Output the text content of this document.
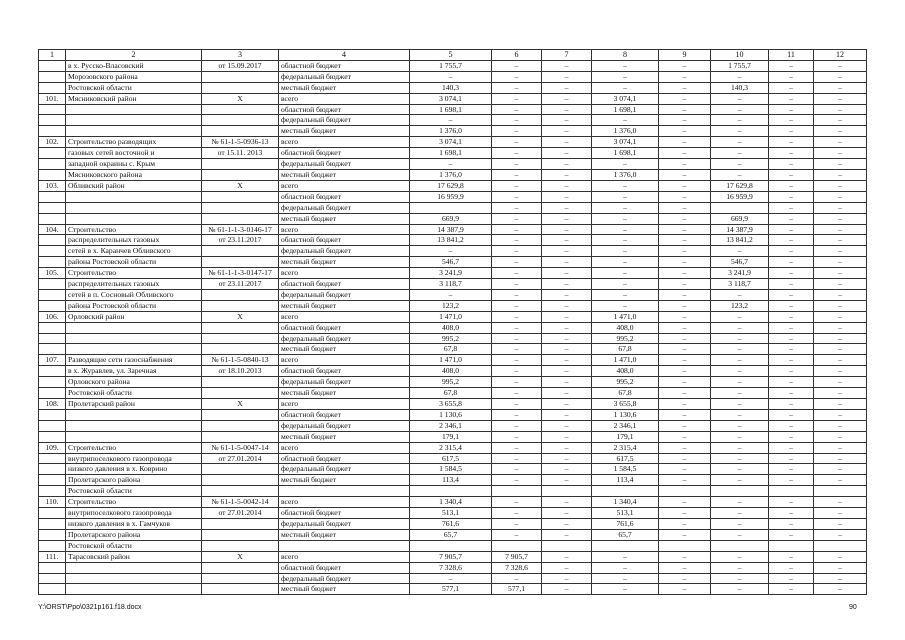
1	2	3	4	5	6	7	8	9	10	11	12
	в х. Русско-Власовский	от 15.09.2017	областной бюджет	1 755,7	–	–	–	–	1 755,7	–	–
	Морозовского района		федеральный бюджет	–	–	–	–	–	–	–	–
	Ростовской области		местный бюджет	140,3	–	–	–	–	140,3	–	–
101.	Мясниковский район	Х	всего	3 074,1	–	–	3 074,1	–	–	–	–
			областной бюджет	1 698,1	–	–	1 698,1	–	–	–	–
			федеральный бюджет	–	–	–	–	–	–	–	–
			местный бюджет	1 376,0	–	–	1 376,0	–	–	–	–
102.	Строительство разводящих	№ 61-1-5-0936-13	всего	3 074,1	–	–	3 074,1	–	–	–	–
	газовых сетей восточной и	от 15.11. 2013	областной бюджет	1 698,1	–	–	1 698,1	–	–	–	–
	западной окраины с. Крым		федеральный бюджет	–	–	–	–	–	–	–	–
	Мясниковского района		местный бюджет	1 376,0	–	–	1 376,0	–	–	–	–
103.	Обливский район	Х	всего	17 629,8	–	–	–	–	17 629,8	–	–
			областной бюджет	16 959,9	–	–	–	–	16 959,9	–	–
			федеральный бюджет		–	–	–	–		–	–
			местный бюджет	669,9	–	–	–	–	669,9	–	–
104.	Строительство	№ 61-1-1-3-0146-17	всего	14 387,9	–	–	–	–	14 387,9	–	–
	распределительных газовых	от 23.11.2017	областной бюджет	13 841,2	–	–	–	–	13 841,2	–	–
	сетей в х. Каранчев Обливского		федеральный бюджет	–	–	–	–	–	–	–	–
	района Ростовской области		местный бюджет	546,7	–	–	–	–	546,7	–	–
105.	Строительство	№ 61-1-1-3-0147-17	всего	3 241,9	–	–	–	–	3 241,9	–	–
	распределительных газовых	от 23.11.2017	областной бюджет	3 118,7	–	–	–	–	3 118,7	–	–
	сетей в п. Сосновый Обливского		федеральный бюджет	–	–	–	–	–	–	–	–
	района Ростовской области		местный бюджет	123,2	–	–	–	–	123,2	–	–
106.	Орловский район	Х	всего	1 471,0	–	–	1 471,0	–	–	–	–
			областной бюджет	408,0	–	–	408,0	–	–	–	–
			федеральный бюджет	995,2	–	–	995,2	–	–	–	–
			местный бюджет	67,8	–	–	67,8	–	–	–	–
107.	Разводящие сети газоснабжения	№ 61-1-5-0840-13	всего	1 471,0	–	–	1 471,0	–	–	–	–
	в х. Журавлев, ул. Заречная	от 18.10.2013	областной бюджет	408,0	–	–	408,0	–	–	–	–
	Орловского района		федеральный бюджет	995,2	–	–	995,2	–	–	–	–
	Ростовской области		местный бюджет	67,8	–	–	67,8	–	–	–	–
108.	Пролетарский район	Х	всего	3 655,8	–	–	3 655,8	–	–	–	–
			областной бюджет	1 130,6	–	–	1 130,6	–	–	–	–
			федеральный бюджет	2 346,1	–	–	2 346,1	–	–	–	–
			местный бюджет	179,1	–	–	179,1	–	–	–	–
109.	Строительство	№ 61-1-5-0047-14	всего	2 315,4	–	–	2 315,4	–	–	–	–
	внутрипоселкового газопровода	от 27.01.2014	областной бюджет	617,5	–	–	617,5	–	–	–	–
	низкого давления в х. Коврино		федеральный бюджет	1 584,5	–	–	1 584,5	–	–	–	–
	Пролетарского района		местный бюджет	113,4	–	–	113,4	–	–	–	–
	Ростовской области										
110.	Строительство	№ 61-1-5-0042-14	всего	1 340,4	–	–	1 340,4	–	–	–	–
	внутрипоселкового газопровода	от 27.01.2014	областной бюджет	513,1	–	–	513,1	–	–	–	–
	низкого давления в х. Гамчуков		федеральный бюджет	761,6	–	–	761,6	–	–	–	–
	Пролетарского района		местный бюджет	65,7	–	–	65,7	–	–	–	–
	Ростовской области										
111.	Тарасовский район	Х	всего	7 905,7	7 905,7	–	–	–	–	–	–
			областной бюджет	7 328,6	7 328,6	–	–	–	–	–	–
			федеральный бюджет	–	–	–	–	–	–	–	–
			местный бюджет	577,1	577,1	–	–	–	–	–	–
Y:\ORST\Ppo\0321p161.f18.docx	90
